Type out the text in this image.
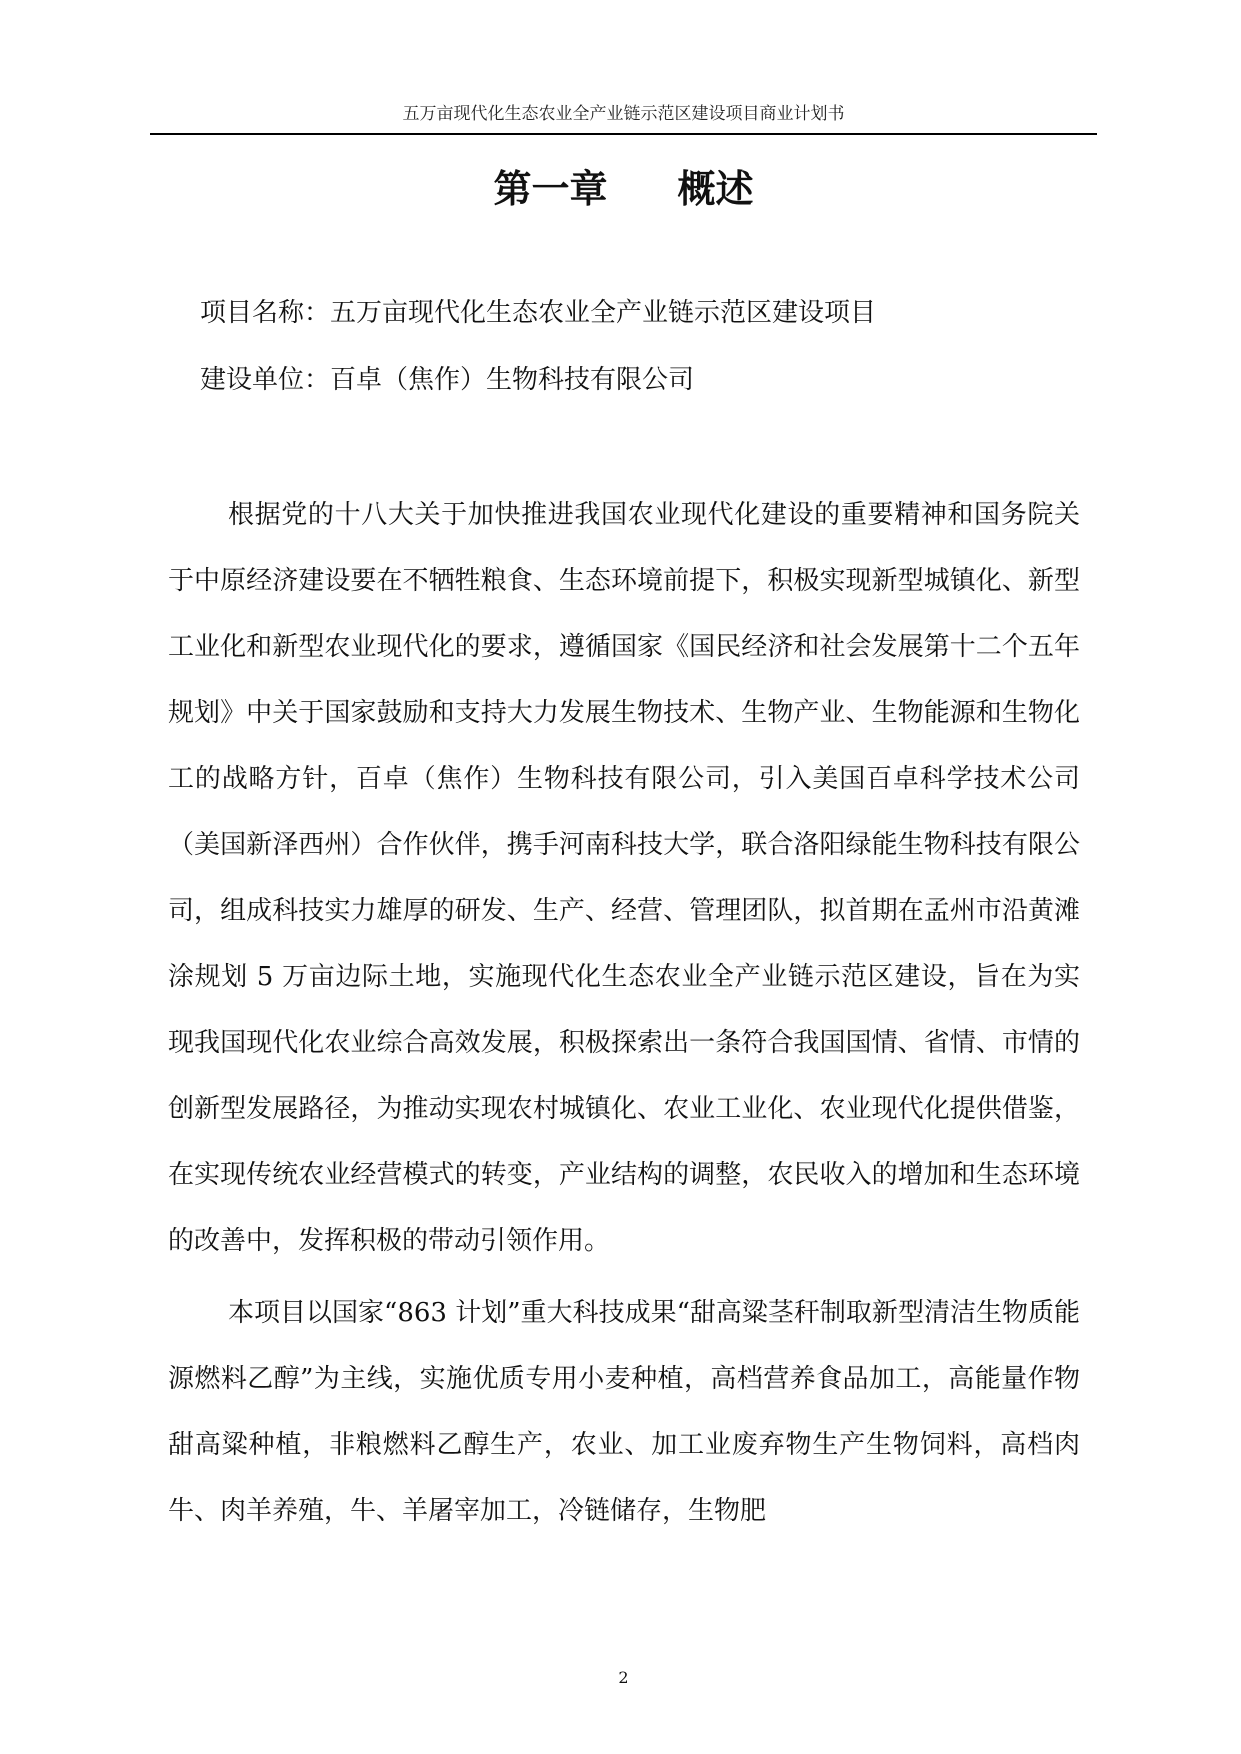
五万亩现代化生态农业全产业链示范区建设项目商业计划书
第一章 概述
项目名称：五万亩现代化生态农业全产业链示范区建设项目
建设单位：百卓（焦作）生物科技有限公司

根据党的十八大关于加快推进我国农业现代化建设的重要精神和国务院关于中原经济建设要在不牺牲粮食、生态环境前提下，积极实现新型城镇化、新型工业化和新型农业现代化的要求，遵循国家《国民经济和社会发展第十二个五年规划》中关于国家鼓励和支持大力发展生物技术、生物产业、生物能源和生物化工的战略方针，百卓（焦作）生物科技有限公司，引入美国百卓科学技术公司（美国新泽西州）合作伙伴，携手河南科技大学，联合洛阳绿能生物科技有限公司，组成科技实力雄厚的研发、生产、经营、管理团队，拟首期在孟州市沿黄滩涂规划 5 万亩边际土地，实施现代化生态农业全产业链示范区建设，旨在为实现我国现代化农业综合高效发展，积极探索出一条符合我国国情、省情、市情的创新型发展路径，为推动实现农村城镇化、农业工业化、农业现代化提供借鉴，在实现传统农业经营模式的转变，产业结构的调整，农民收入的增加和生态环境的改善中，发挥积极的带动引领作用。

本项目以国家“863 计划”重大科技成果“甜高粱茎秆制取新型清洁生物质能源燃料乙醇”为主线，实施优质专用小麦种植，高档营养食品加工，高能量作物甜高粱种植，非粮燃料乙醇生产，农业、加工业废弃物生产生物饲料，高档肉牛、肉羊养殖，牛、羊屠宰加工，冷链储存，生物肥

2
